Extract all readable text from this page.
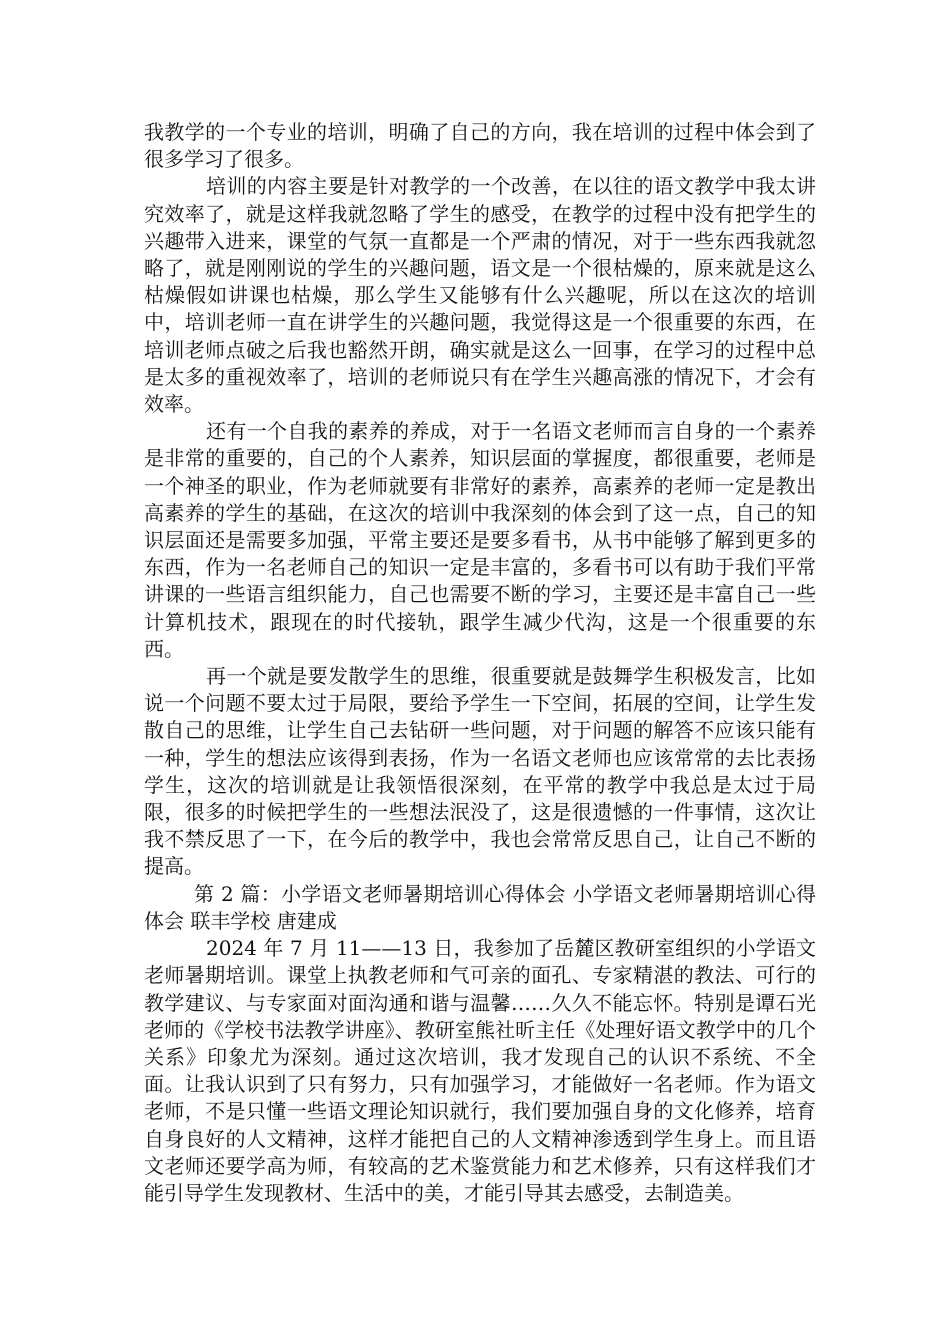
我教学的一个专业的培训，明确了自己的方向，我在培训的过程中体会到了很多学习了很多。

培训的内容主要是针对教学的一个改善，在以往的语文教学中我太讲究效率了，就是这样我就忽略了学生的感受，在教学的过程中没有把学生的兴趣带入进来，课堂的气氛一直都是一个严肃的情况，对于一些东西我就忽略了，就是刚刚说的学生的兴趣问题，语文是一个很枯燥的，原来就是这么枯燥假如讲课也枯燥，那么学生又能够有什么兴趣呢，所以在这次的培训中，培训老师一直在讲学生的兴趣问题，我觉得这是一个很重要的东西，在培训老师点破之后我也豁然开朗，确实就是这么一回事，在学习的过程中总是太多的重视效率了，培训的老师说只有在学生兴趣高涨的情况下，才会有效率。

还有一个自我的素养的养成，对于一名语文老师而言自身的一个素养是非常的重要的，自己的个人素养，知识层面的掌握度，都很重要，老师是一个神圣的职业，作为老师就要有非常好的素养，高素养的老师一定是教出高素养的学生的基础，在这次的培训中我深刻的体会到了这一点，自己的知识层面还是需要多加强，平常主要还是要多看书，从书中能够了解到更多的东西，作为一名老师自己的知识一定是丰富的，多看书可以有助于我们平常讲课的一些语言组织能力，自己也需要不断的学习，主要还是丰富自己一些计算机技术，跟现在的时代接轨，跟学生减少代沟，这是一个很重要的东西。

再一个就是要发散学生的思维，很重要就是鼓舞学生积极发言，比如说一个问题不要太过于局限，要给予学生一下空间，拓展的空间，让学生发散自己的思维，让学生自己去钻研一些问题，对于问题的解答不应该只能有一种，学生的想法应该得到表扬，作为一名语文老师也应该常常的去比表扬学生，这次的培训就是让我领悟很深刻，在平常的教学中我总是太过于局限，很多的时候把学生的一些想法泯没了，这是很遗憾的一件事情，这次让我不禁反思了一下，在今后的教学中，我也会常常反思自己，让自己不断的提高。

第 2 篇：小学语文老师暑期培训心得体会 小学语文老师暑期培训心得体会 联丰学校 唐建成

2024 年 7 月 11——13 日，我参加了岳麓区教研室组织的小学语文老师暑期培训。课堂上执教老师和气可亲的面孔、专家精湛的教法、可行的教学建议、与专家面对面沟通和谐与温馨……久久不能忘怀。特别是谭石光老师的《学校书法教学讲座》、教研室熊社昕主任《处理好语文教学中的几个关系》印象尤为深刻。通过这次培训，我才发现自己的认识不系统、不全面。让我认识到了只有努力，只有加强学习，才能做好一名老师。作为语文老师，不是只懂一些语文理论知识就行，我们要加强自身的文化修养，培育自身良好的人文精神，这样才能把自己的人文精神渗透到学生身上。而且语文老师还要学高为师，有较高的艺术鉴赏能力和艺术修养，只有这样我们才能引导学生发现教材、生活中的美，才能引导其去感受，去制造美。
